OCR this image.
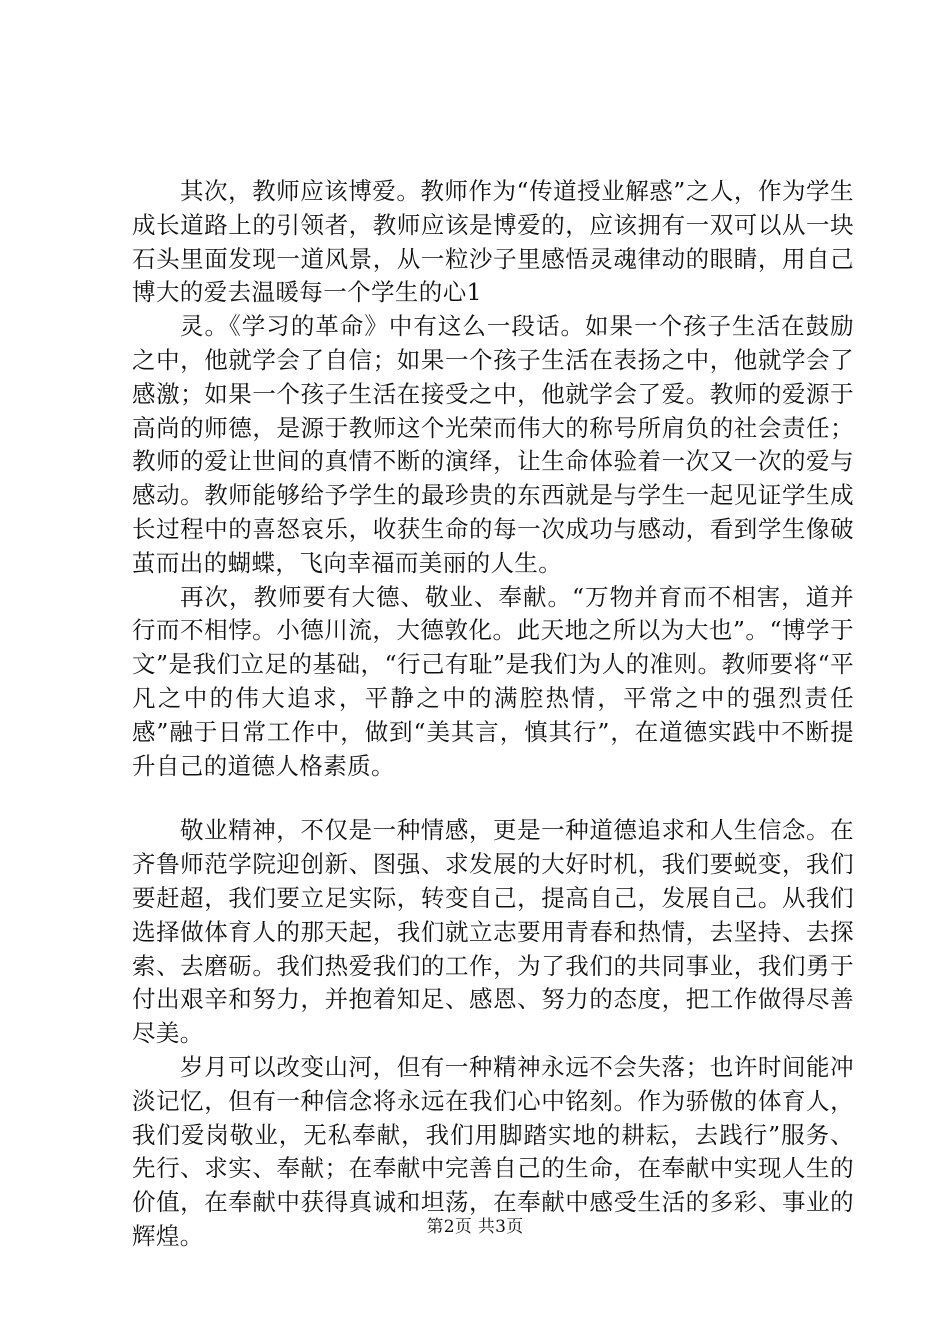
其次，教师应该博爱。教师作为“传道授业解惑”之人，作为学生成长道路上的引领者，教师应该是博爱的，应该拥有一双可以从一块石头里面发现一道风景，从一粒沙子里感悟灵魂律动的眼睛，用自己博大的爱去温暖每一个学生的心1

灵。《学习的革命》中有这么一段话。如果一个孩子生活在鼓励之中，他就学会了自信；如果一个孩子生活在表扬之中，他就学会了感激；如果一个孩子生活在接受之中，他就学会了爱。教师的爱源于高尚的师德，是源于教师这个光荣而伟大的称号所肩负的社会责任；教师的爱让世间的真情不断的演绎，让生命体验着一次又一次的爱与感动。教师能够给予学生的最珍贵的东西就是与学生一起见证学生成长过程中的喜怒哀乐，收获生命的每一次成功与感动，看到学生像破茧而出的蝴蝶，飞向幸福而美丽的人生。

再次，教师要有大德、敬业、奉献。“万物并育而不相害，道并行而不相悖。小德川流，大德敦化。此天地之所以为大也”。“博学于文”是我们立足的基础，“行己有耻”是我们为人的准则。教师要将“平凡之中的伟大追求，平静之中的满腔热情，平常之中的强烈责任感”融于日常工作中，做到“美其言，慎其行”，在道德实践中不断提升自己的道德人格素质。

敬业精神，不仅是一种情感，更是一种道德追求和人生信念。在齐鲁师范学院迎创新、图强、求发展的大好时机，我们要蜕变，我们要赶超，我们要立足实际，转变自己，提高自己，发展自己。从我们选择做体育人的那天起，我们就立志要用青春和热情，去坚持、去探索、去磨砺。我们热爱我们的工作，为了我们的共同事业，我们勇于付出艰辛和努力，并抱着知足、感恩、努力的态度，把工作做得尽善尽美。

岁月可以改变山河，但有一种精神永远不会失落；也许时间能冲淡记忆，但有一种信念将永远在我们心中铭刻。作为骄傲的体育人，我们爱岗敬业，无私奉献，我们用脚踏实地的耕耘，去践行”服务、先行、求实、奉献；在奉献中完善自己的生命，在奉献中实现人生的价值，在奉献中获得真诚和坦荡，在奉献中感受生活的多彩、事业的辉煌。	第2页 共3页
